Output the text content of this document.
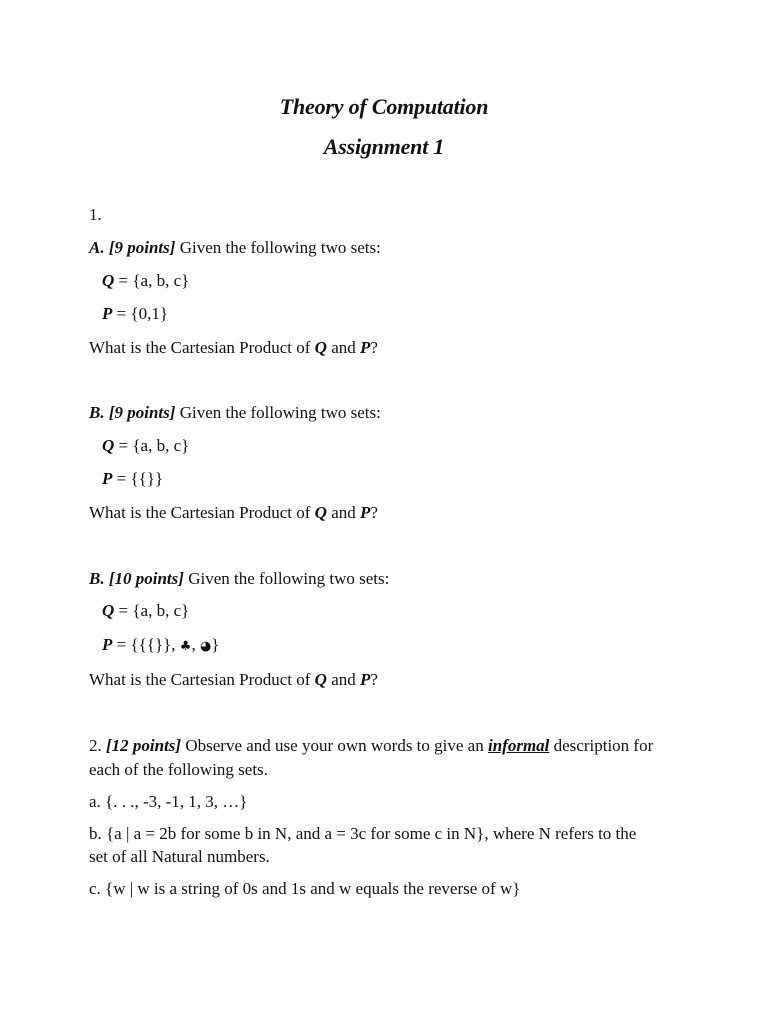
Theory of Computation
Assignment 1
1.
A. [9 points] Given the following two sets:
Q = {a, b, c}
P = {0,1}
What is the Cartesian Product of Q and P?
B. [9 points] Given the following two sets:
Q = {a, b, c}
P = {{}}
What is the Cartesian Product of Q and P?
B. [10 points] Given the following two sets:
Q = {a, b, c}
P = {{{}}, ♣, ◕}
What is the Cartesian Product of Q and P?
2. [12 points] Observe and use your own words to give an informal description for
each of the following sets.
a. {. . ., -3, -1, 1, 3, …}
b. {a | a = 2b for some b in N, and a = 3c for some c in N}, where N refers to the
set of all Natural numbers.
c. {w | w is a string of 0s and 1s and w equals the reverse of w}
